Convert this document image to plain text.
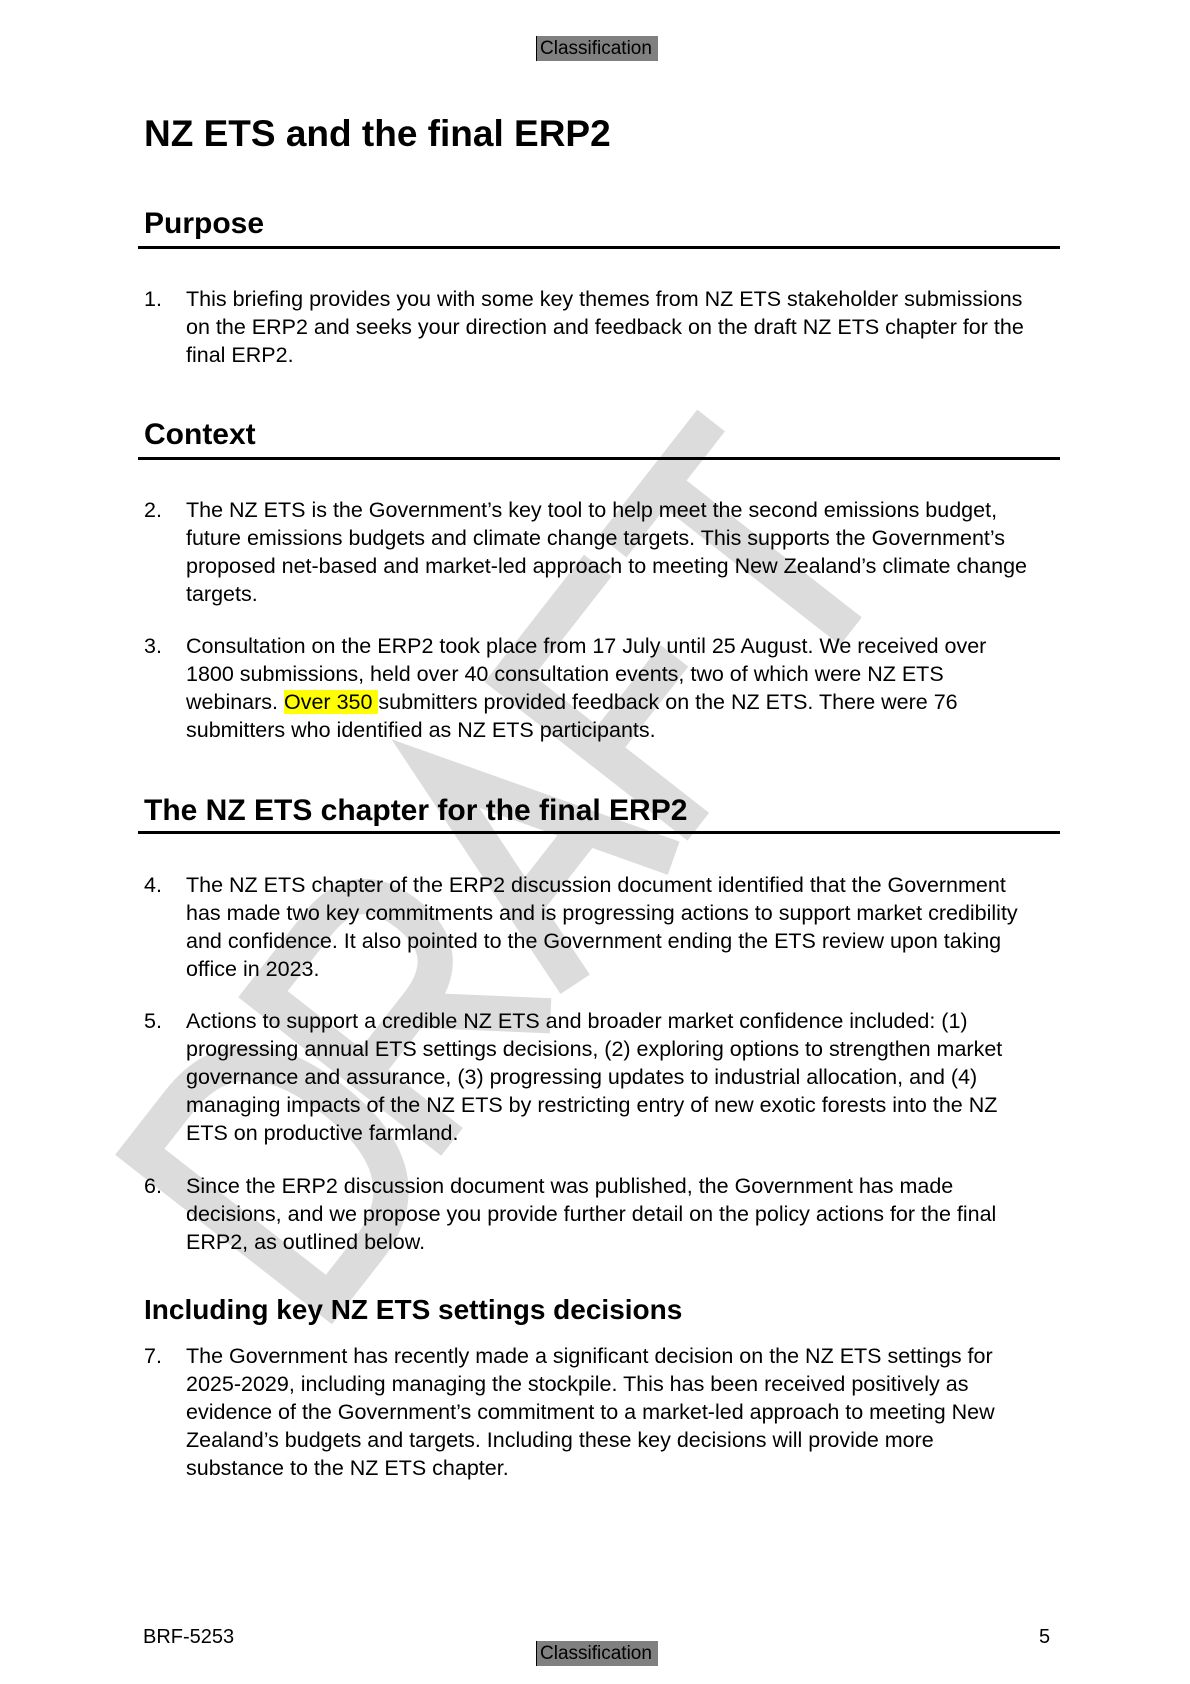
Classification
NZ ETS and the final ERP2
Purpose
1. This briefing provides you with some key themes from NZ ETS stakeholder submissions
on the ERP2 and seeks your direction and feedback on the draft NZ ETS chapter for the
final ERP2.
Context
2. The NZ ETS is the Government’s key tool to help meet the second emissions budget,
future emissions budgets and climate change targets. This supports the Government’s
proposed net-based and market-led approach to meeting New Zealand’s climate change
targets.
3. Consultation on the ERP2 took place from 17 July until 25 August. We received over
1800 submissions, held over 40 consultation events, two of which were NZ ETS
webinars. Over 350 submitters provided feedback on the NZ ETS. There were 76
submitters who identified as NZ ETS participants.
The NZ ETS chapter for the final ERP2
4. The NZ ETS chapter of the ERP2 discussion document identified that the Government
has made two key commitments and is progressing actions to support market credibility
and confidence. It also pointed to the Government ending the ETS review upon taking
office in 2023.
5. Actions to support a credible NZ ETS and broader market confidence included: (1)
progressing annual ETS settings decisions, (2) exploring options to strengthen market
governance and assurance, (3) progressing updates to industrial allocation, and (4)
managing impacts of the NZ ETS by restricting entry of new exotic forests into the NZ
ETS on productive farmland.
6. Since the ERP2 discussion document was published, the Government has made
decisions, and we propose you provide further detail on the policy actions for the final
ERP2, as outlined below.
Including key NZ ETS settings decisions
7. The Government has recently made a significant decision on the NZ ETS settings for
2025-2029, including managing the stockpile. This has been received positively as
evidence of the Government’s commitment to a market-led approach to meeting New
Zealand’s budgets and targets. Including these key decisions will provide more
substance to the NZ ETS chapter.
BRF-5253
Classification
5
